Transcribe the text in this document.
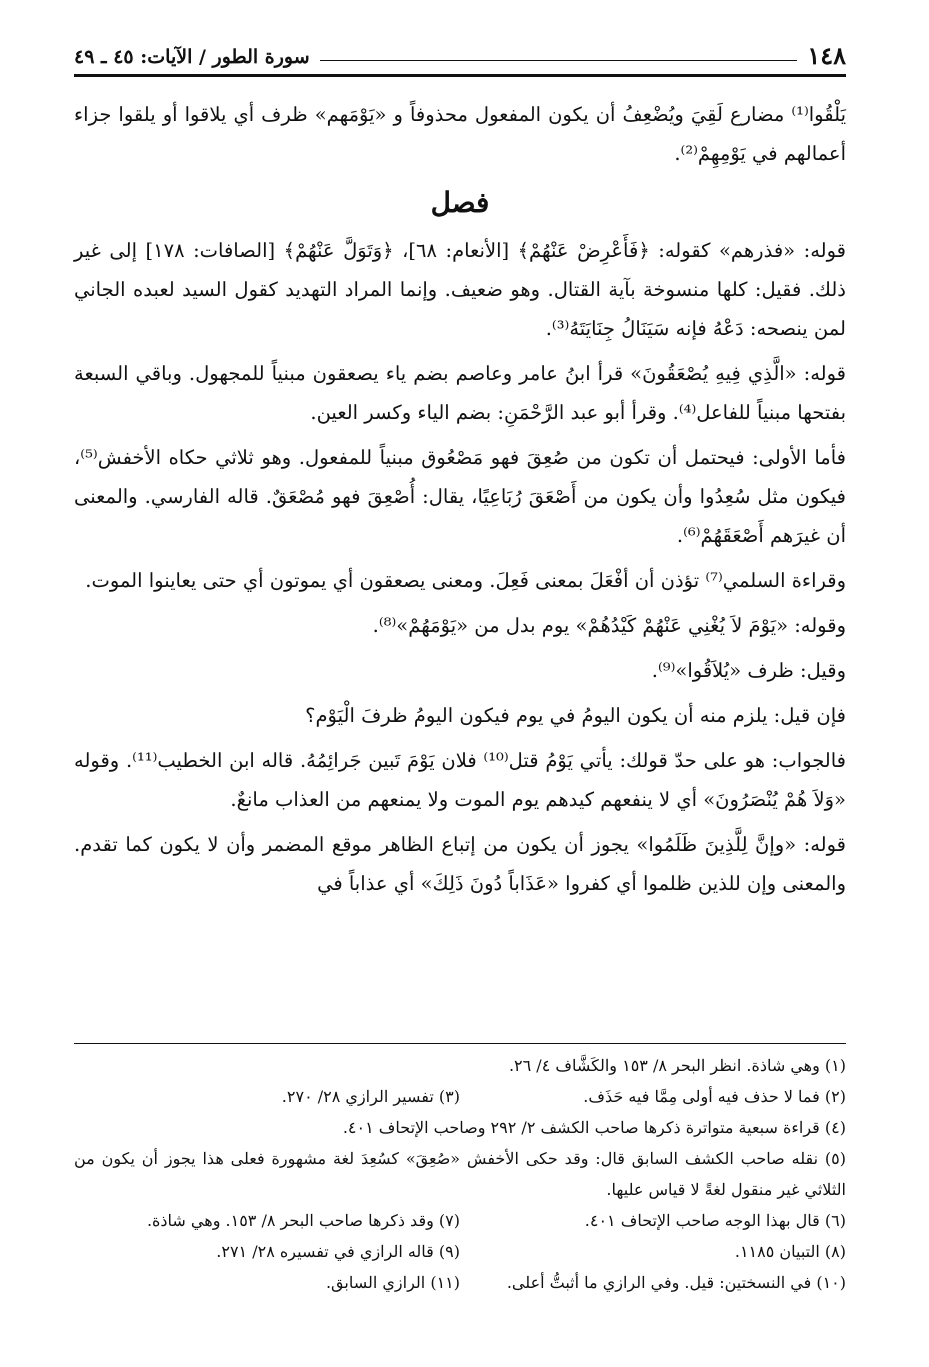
١٤٨
سورة الطور / الآيات: ٤٥ ـ ٤٩

يَلْقُوا⁽¹⁾ مضارع لَقِيَ ويُضْعِفُ أن يكون المفعول محذوفاً و «يَوْمَهم» ظرف أي يلاقوا أو يلقوا جزاء أعمالهم في يَوْمِهِمْ⁽²⁾.

فصل

قوله: «فذرهم» كقوله: ﴿فَأَعْرِضْ عَنْهُمْ﴾ [الأنعام: ٦٨]، ﴿وَتَوَلَّ عَنْهُمْ﴾ [الصافات: ١٧٨] إلى غير ذلك. فقيل: كلها منسوخة بآية القتال. وهو ضعيف. وإنما المراد التهديد كقول السيد لعبده الجاني لمن ينصحه: دَعْهُ فإنه سَيَنَالُ جِنَايَتَهُ⁽³⁾.

قوله: «الَّذِي فِيهِ يُصْعَقُونَ» قرأ ابنُ عامر وعاصم بضم ياء يصعقون مبنياً للمجهول. وباقي السبعة بفتحها مبنياً للفاعل⁽⁴⁾. وقرأ أبو عبد الرَّحْمَنِ: بضم الياء وكسر العين.

فأما الأولى: فيحتمل أن تكون من صُعِقَ فهو مَصْعُوق مبنياً للمفعول. وهو ثلاثي حكاه الأخفش⁽⁵⁾، فيكون مثل سُعِدُوا وأن يكون من أَصْعَقَ رُبَاعِيًا، يقال: أُصْعِقَ فهو مُصْعَقٌ. قاله الفارسي. والمعنى أن غيرَهم أَصْعَقَهُمْ⁽⁶⁾.

وقراءة السلمي⁽⁷⁾ تؤذن أن أفْعَلَ بمعنى فَعِلَ. ومعنى يصعقون أي يموتون أي حتى يعاينوا الموت.

وقوله: «يَوْمَ لاَ يُغْنِي عَنْهُمْ كَيْدُهُمْ» يوم بدل من «يَوْمَهُمْ»⁽⁸⁾.

وقيل: ظرف «يُلاَقُوا»⁽⁹⁾.

فإن قيل: يلزم منه أن يكون اليومُ في يوم فيكون اليومُ ظرفَ الْيَوْم؟

فالجواب: هو على حدّ قولك: يأتي يَوْمُ قتل⁽¹⁰⁾ فلان يَوْمَ تَبين جَرائِمُهُ. قاله ابن الخطيب⁽¹¹⁾. وقوله «وَلاَ هُمْ يُنْصَرُونَ» أي لا ينفعهم كيدهم يوم الموت ولا يمنعهم من العذاب مانعٌ.

قوله: «وإنَّ لِلَّذِينَ ظَلَمُوا» يجوز أن يكون من إتباع الظاهر موقع المضمر وأن لا يكون كما تقدم. والمعنى وإن للذين ظلموا أي كفروا «عَذَاباً دُونَ ذَلِكَ» أي عذاباً في

(١) وهي شاذة. انظر البحر ٨/ ١٥٣ والكَشَّاف ٤/ ٢٦.
(٢) فما لا حذف فيه أولى مِمَّا فيه حَذَف.
(٣) تفسير الرازي ٢٨/ ٢٧٠.
(٤) قراءة سبعية متواترة ذكرها صاحب الكشف ٢/ ٢٩٢ وصاحب الإتحاف ٤٠١.
(٥) نقله صاحب الكشف السابق قال: وقد حكى الأخفش «صُعِقَ» كسُعِدَ لغة مشهورة فعلى هذا يجوز أن يكون من الثلاثي غير منقول لغةً لا قياس عليها.
(٦) قال بهذا الوجه صاحب الإتحاف ٤٠١.
(٧) وقد ذكرها صاحب البحر ٨/ ١٥٣. وهي شاذة.
(٨) التبيان ١١٨٥.
(٩) قاله الرازي في تفسيره ٢٨/ ٢٧١.
(١٠) في النسختين: قيل. وفي الرازي ما أثبتُّ أعلى.
(١١) الرازي السابق.
